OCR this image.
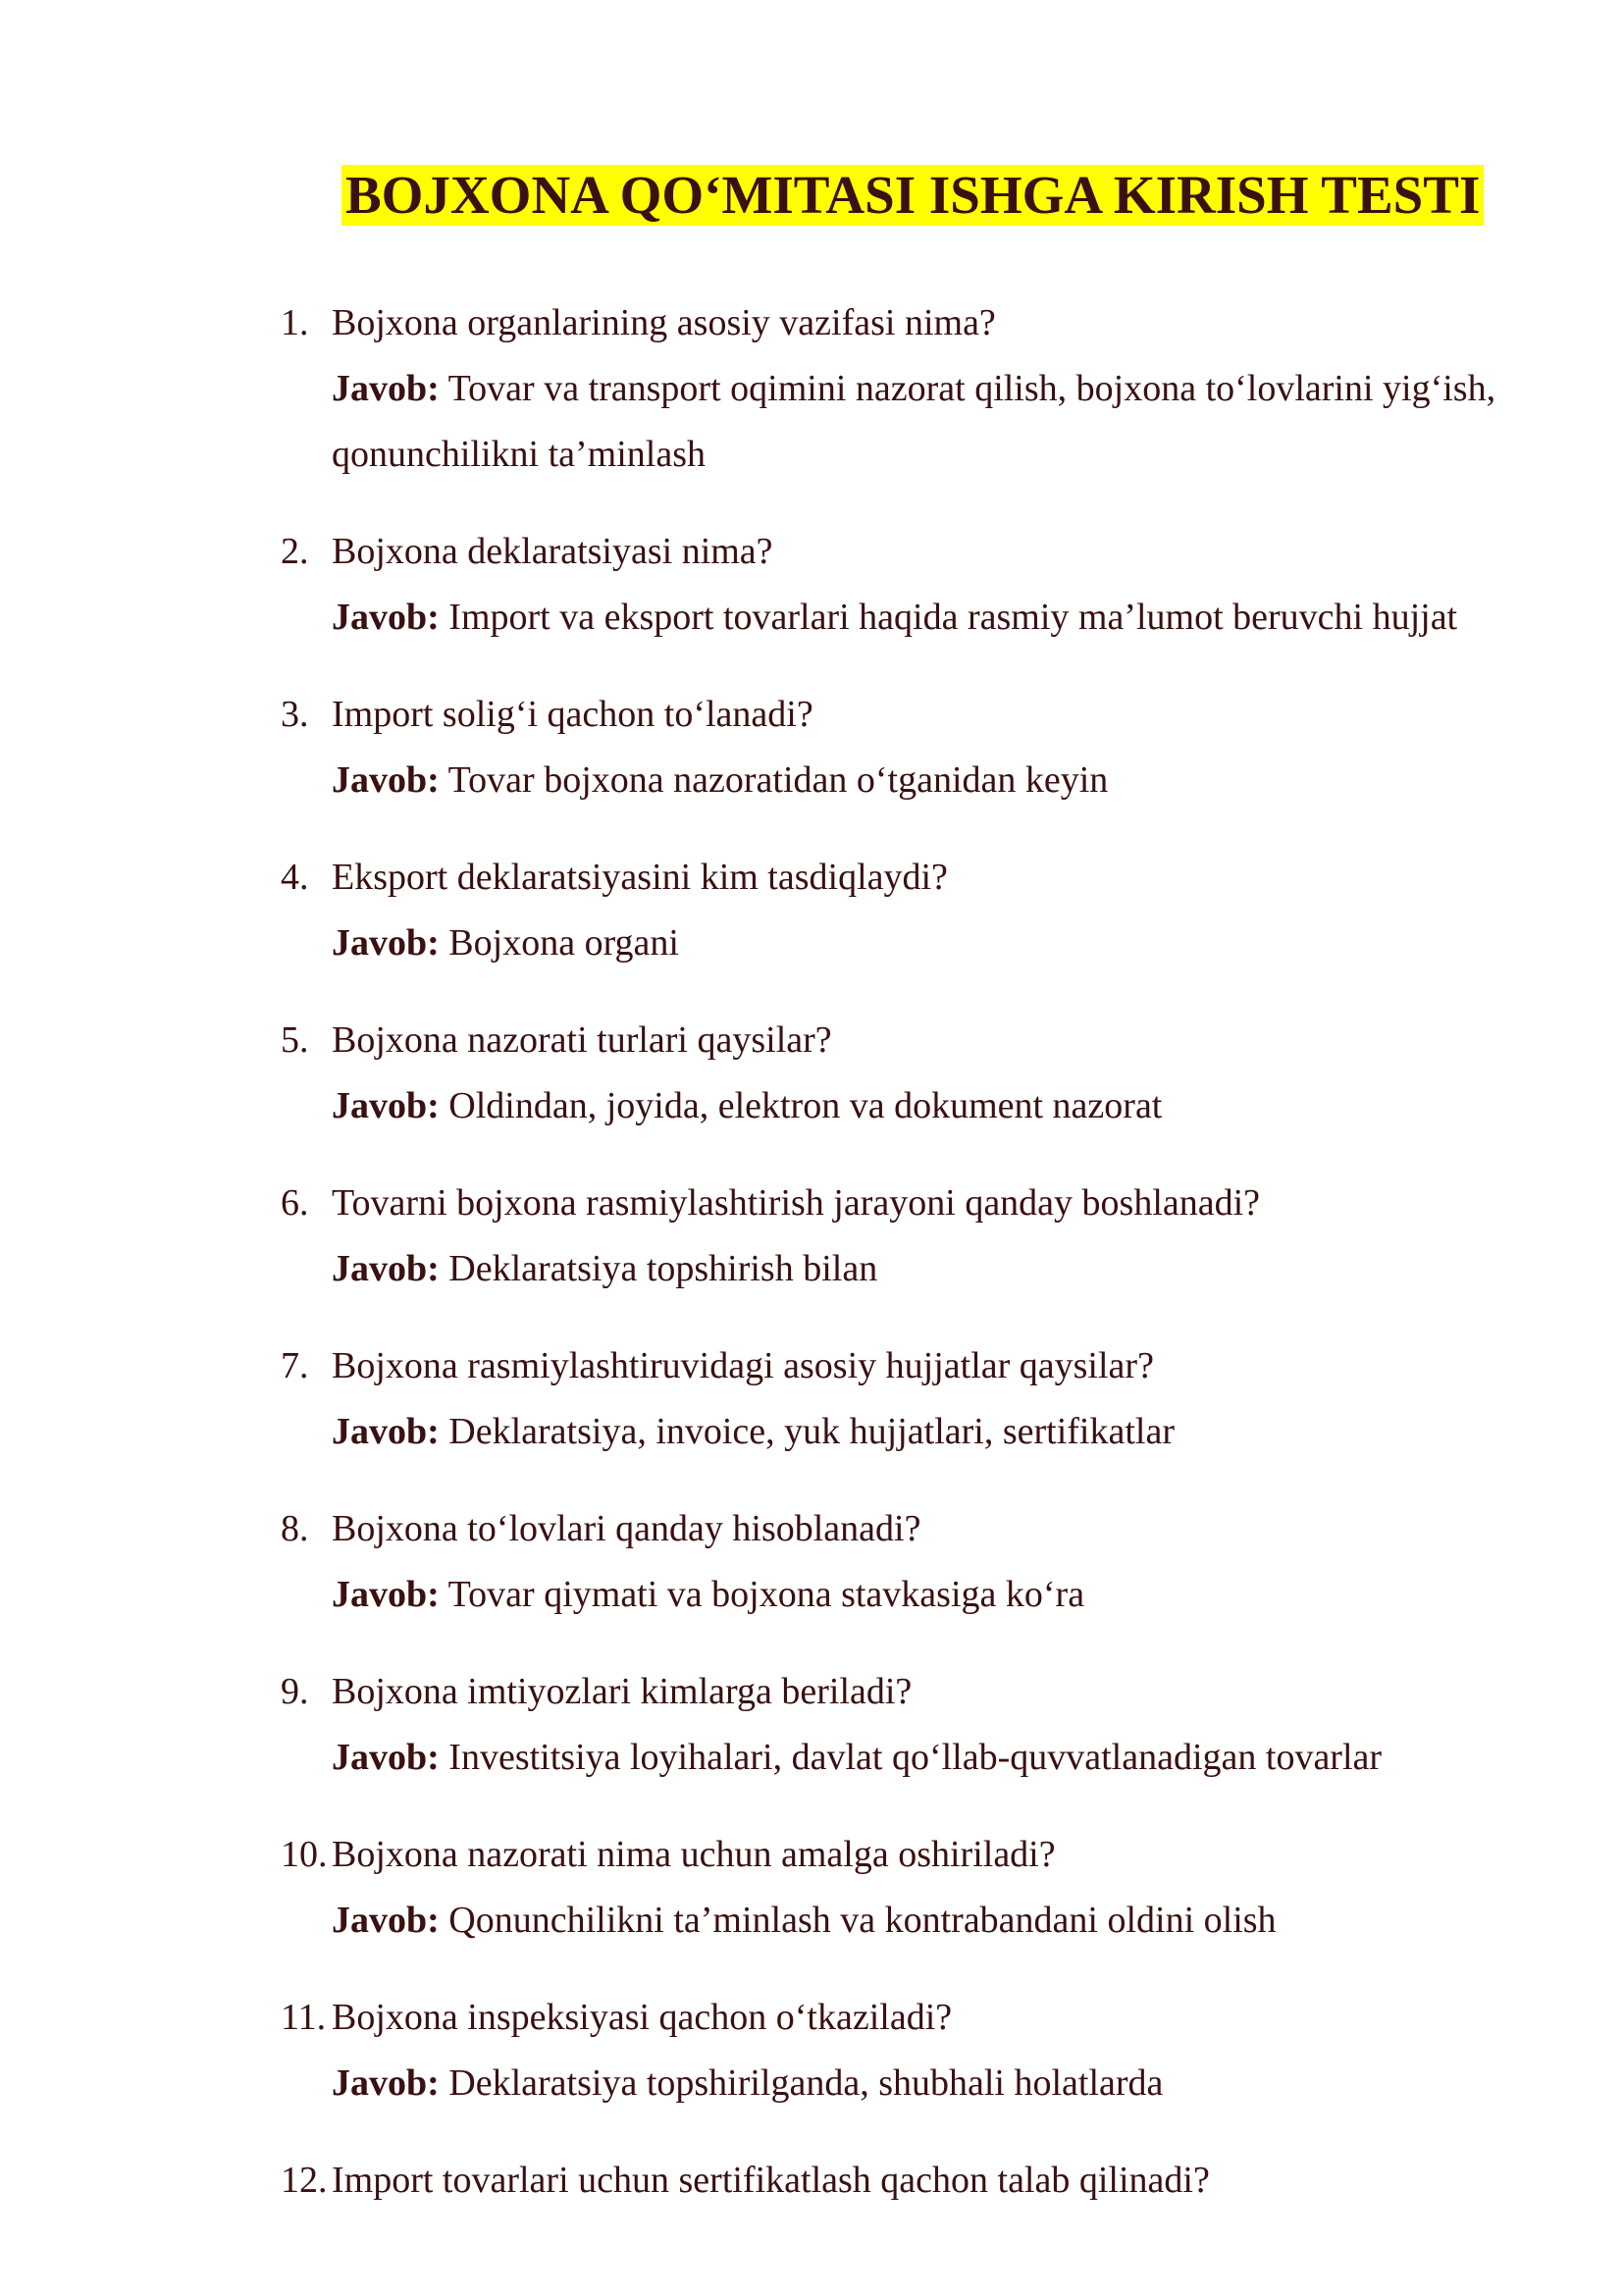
BOJXONA QO‘MITASI ISHGA KIRISH TESTI
1. Bojxona organlarining asosiy vazifasi nima?
Javob: Tovar va transport oqimini nazorat qilish, bojxona to‘lovlarini yig‘ish, qonunchilikni ta’minlash
2. Bojxona deklaratsiyasi nima?
Javob: Import va eksport tovarlari haqida rasmiy ma’lumot beruvchi hujjat
3. Import solig‘i qachon to‘lanadi?
Javob: Tovar bojxona nazoratidan o‘tganidan keyin
4. Eksport deklaratsiyasini kim tasdiqlaydi?
Javob: Bojxona organi
5. Bojxona nazorati turlari qaysilar?
Javob: Oldindan, joyida, elektron va dokument nazorat
6. Tovarni bojxona rasmiylashtirish jarayoni qanday boshlanadi?
Javob: Deklaratsiya topshirish bilan
7. Bojxona rasmiylashtiruvidagi asosiy hujjatlar qaysilar?
Javob: Deklaratsiya, invoice, yuk hujjatlari, sertifikatlar
8. Bojxona to‘lovlari qanday hisoblanadi?
Javob: Tovar qiymati va bojxona stavkasiga ko‘ra
9. Bojxona imtiyozlari kimlarga beriladi?
Javob: Investitsiya loyihalari, davlat qo‘llab-quvvatlanadigan tovarlar
10. Bojxona nazorati nima uchun amalga oshiriladi?
Javob: Qonunchilikni ta’minlash va kontrabandani oldini olish
11. Bojxona inspeksiyasi qachon o‘tkaziladi?
Javob: Deklaratsiya topshirilganda, shubhali holatlarda
12. Import tovarlari uchun sertifikatlash qachon talab qilinadi?
